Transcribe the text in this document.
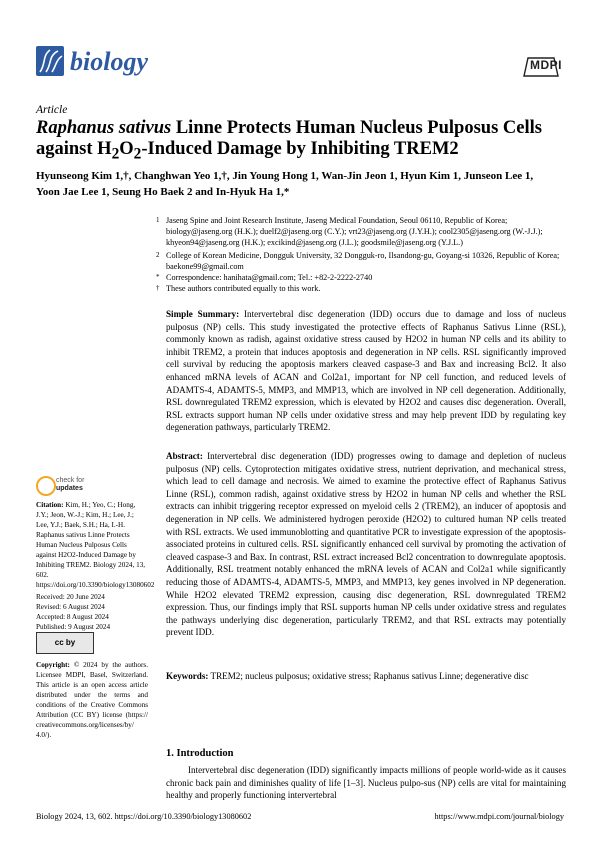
biology	MDPI
Article
Raphanus sativus Linne Protects Human Nucleus Pulposus Cells against $H_2O_2$-Induced Damage by Inhibiting TREM2
Hyunseong Kim 1,†, Changhwan Yeo 1,†, Jin Young Hong 1, Wan-Jin Jeon 1, Hyun Kim 1, Junseon Lee 1,
Yoon Jae Lee 1, Seung Ho Baek 2 and In-Hyuk Ha 1,*
1 Jaseng Spine and Joint Research Institute, Jaseng Medical Foundation, Seoul 06110, Republic of Korea; biology@jaseng.org (H.K.); duelf2@jaseng.org (C.Y.); vrt23@jaseng.org (J.Y.H.); cool2305@jaseng.org (W.-J.J.); khyeon94@jaseng.org (H.K.); excikind@jaseng.org (J.L.); goodsmile@jaseng.org (Y.J.L.)
2 College of Korean Medicine, Dongguk University, 32 Dongguk-ro, Ilsandong-gu, Goyang-si 10326, Republic of Korea; baekone99@gmail.com
* Correspondence: hanihata@gmail.com; Tel.: +82-2-2222-2740
† These authors contributed equally to this work.
Simple Summary: Intervertebral disc degeneration (IDD) occurs due to damage and loss of nucleus pulposus (NP) cells. This study investigated the protective effects of Raphanus Sativus Linne (RSL), commonly known as radish, against oxidative stress caused by H2O2 in human NP cells and its ability to inhibit TREM2, a protein that induces apoptosis and degeneration in NP cells. RSL significantly improved cell survival by reducing the apoptosis markers cleaved caspase-3 and Bax and increasing Bcl2. It also enhanced mRNA levels of ACAN and Col2a1, important for NP cell function, and reduced levels of ADAMTS-4, ADAMTS-5, MMP3, and MMP13, which are involved in NP cell degeneration. Additionally, RSL downregulated TREM2 expression, which is elevated by H2O2 and causes disc degeneration. Overall, RSL extracts support human NP cells under oxidative stress and may help prevent IDD by regulating key degeneration pathways, particularly TREM2.
Abstract: Intervertebral disc degeneration (IDD) progresses owing to damage and depletion of nucleus pulposus (NP) cells. Cytoprotection mitigates oxidative stress, nutrient deprivation, and mechanical stress, which lead to cell damage and necrosis. We aimed to examine the protective effect of Raphanus Sativus Linne (RSL), common radish, against oxidative stress by H2O2 in human NP cells and whether the RSL extracts can inhibit triggering receptor expressed on myeloid cells 2 (TREM2), an inducer of apoptosis and degeneration in NP cells. We administered hydrogen peroxide (H2O2) to cultured human NP cells treated with RSL extracts. We used immunoblotting and quantitative PCR to investigate expression of the apoptosis-associated proteins in cultured cells. RSL significantly enhanced cell survival by promoting the activation of cleaved caspase-3 and Bax. In contrast, RSL extract increased Bcl2 concentration to downregulate apoptosis. Additionally, RSL treatment notably enhanced the mRNA levels of ACAN and Col2a1 while significantly reducing those of ADAMTS-4, ADAMTS-5, MMP3, and MMP13, key genes involved in NP degeneration. While H2O2 elevated TREM2 expression, causing disc degeneration, RSL downregulated TREM2 expression. Thus, our findings imply that RSL supports human NP cells under oxidative stress and regulates the pathways underlying disc degeneration, particularly TREM2, and that RSL extracts may potentially prevent IDD.
Keywords: TREM2; nucleus pulposus; oxidative stress; Raphanus sativus Linne; degenerative disc
check for
updates
Citation: Kim, H.; Yeo, C.; Hong, J.Y.; Jeon, W.-J.; Kim, H.; Lee, J.; Lee, Y.J.; Baek, S.H.; Ha, I.-H. Raphanus sativus Linne Protects Human Nucleus Pulposus Cells against H2O2-Induced Damage by Inhibiting TREM2. Biology 2024, 13, 602. https://doi.org/10.3390/biology13080602
Received: 20 June 2024
Revised: 6 August 2024
Accepted: 8 August 2024
Published: 9 August 2024
cc by
Copyright: © 2024 by the authors. Licensee MDPI, Basel, Switzerland. This article is an open access article distributed under the terms and conditions of the Creative Commons Attribution (CC BY) license (https:// creativecommons.org/licenses/by/ 4.0/).
1. Introduction
Intervertebral disc degeneration (IDD) significantly impacts millions of people world-wide as it causes chronic back pain and diminishes quality of life [1–3]. Nucleus pulpo-sus (NP) cells are vital for maintaining healthy and properly functioning intervertebral
Biology 2024, 13, 602. https://doi.org/10.3390/biology13080602	https://www.mdpi.com/journal/biology
